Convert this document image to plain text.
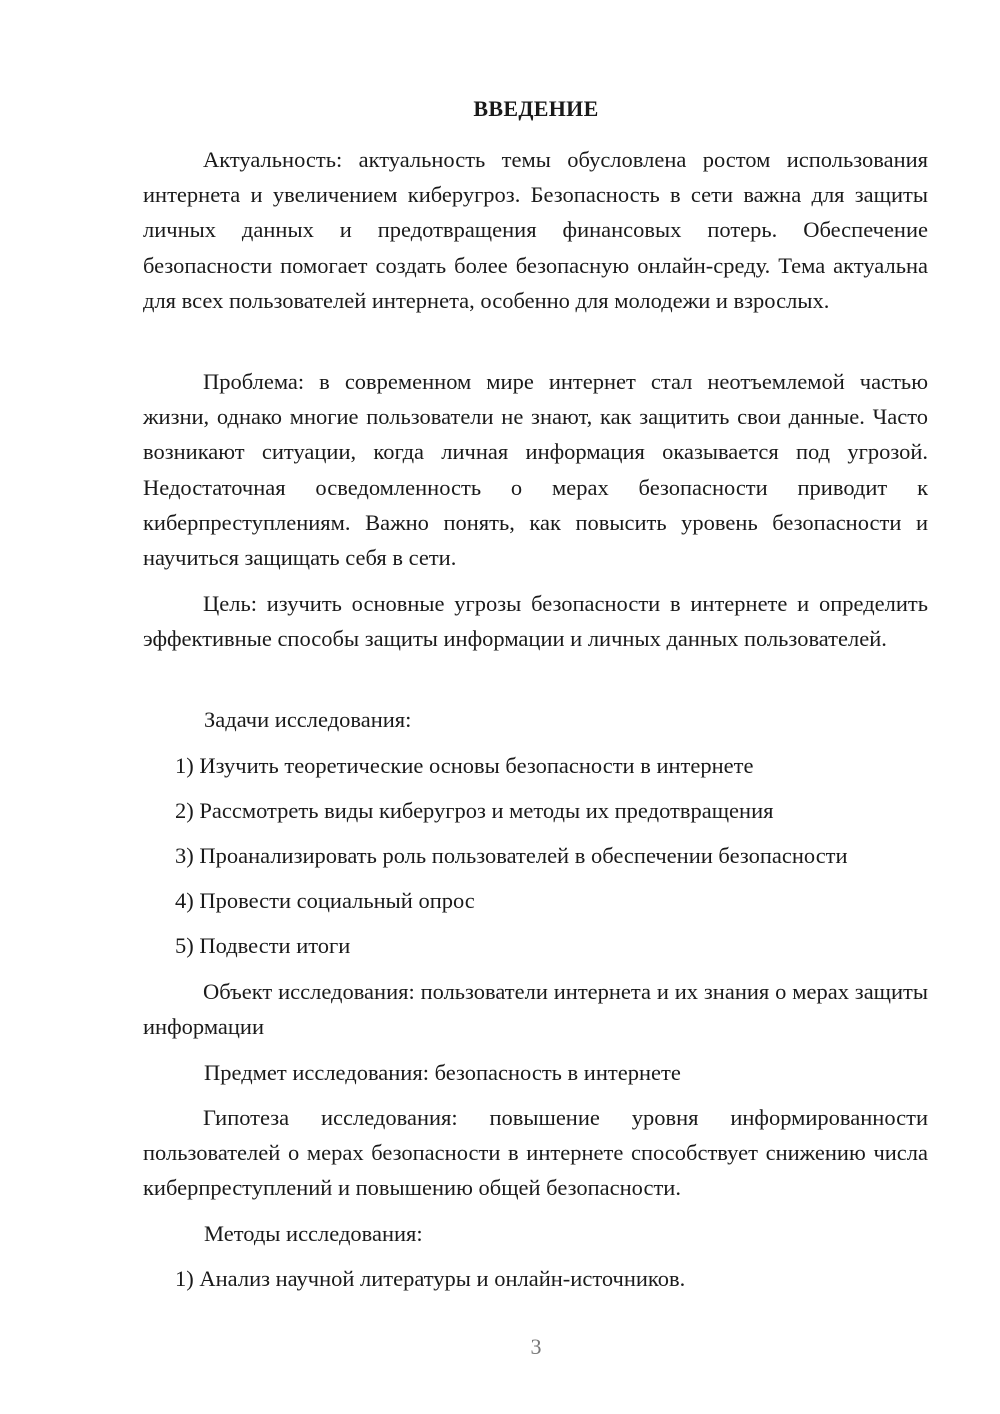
ВВЕДЕНИЕ

Актуальность: актуальность темы обусловлена ростом использования интернета и увеличением киберугроз. Безопасность в сети важна для защиты личных данных и предотвращения финансовых потерь. Обеспечение безопасности помогает создать более безопасную онлайн-среду. Тема актуальна для всех пользователей интернета, особенно для молодежи и взрослых.

Проблема: в современном мире интернет стал неотъемлемой частью жизни, однако многие пользователи не знают, как защитить свои данные. Часто возникают ситуации, когда личная информация оказывается под угрозой. Недостаточная осведомленность о мерах безопасности приводит к киберпреступлениям. Важно понять, как повысить уровень безопасности и научиться защищать себя в сети.

Цель: изучить основные угрозы безопасности в интернете и определить эффективные способы защиты информации и личных данных пользователей.

Задачи исследования:
1) Изучить теоретические основы безопасности в интернете
2) Рассмотреть виды киберугроз и методы их предотвращения
3) Проанализировать роль пользователей в обеспечении безопасности
4) Провести социальный опрос
5) Подвести итоги

Объект исследования: пользователи интернета и их знания о мерах защиты информации

Предмет исследования: безопасность в интернете

Гипотеза исследования: повышение уровня информированности пользователей о мерах безопасности в интернете способствует снижению числа киберпреступлений и повышению общей безопасности.

Методы исследования:
1) Анализ научной литературы и онлайн-источников.
3
